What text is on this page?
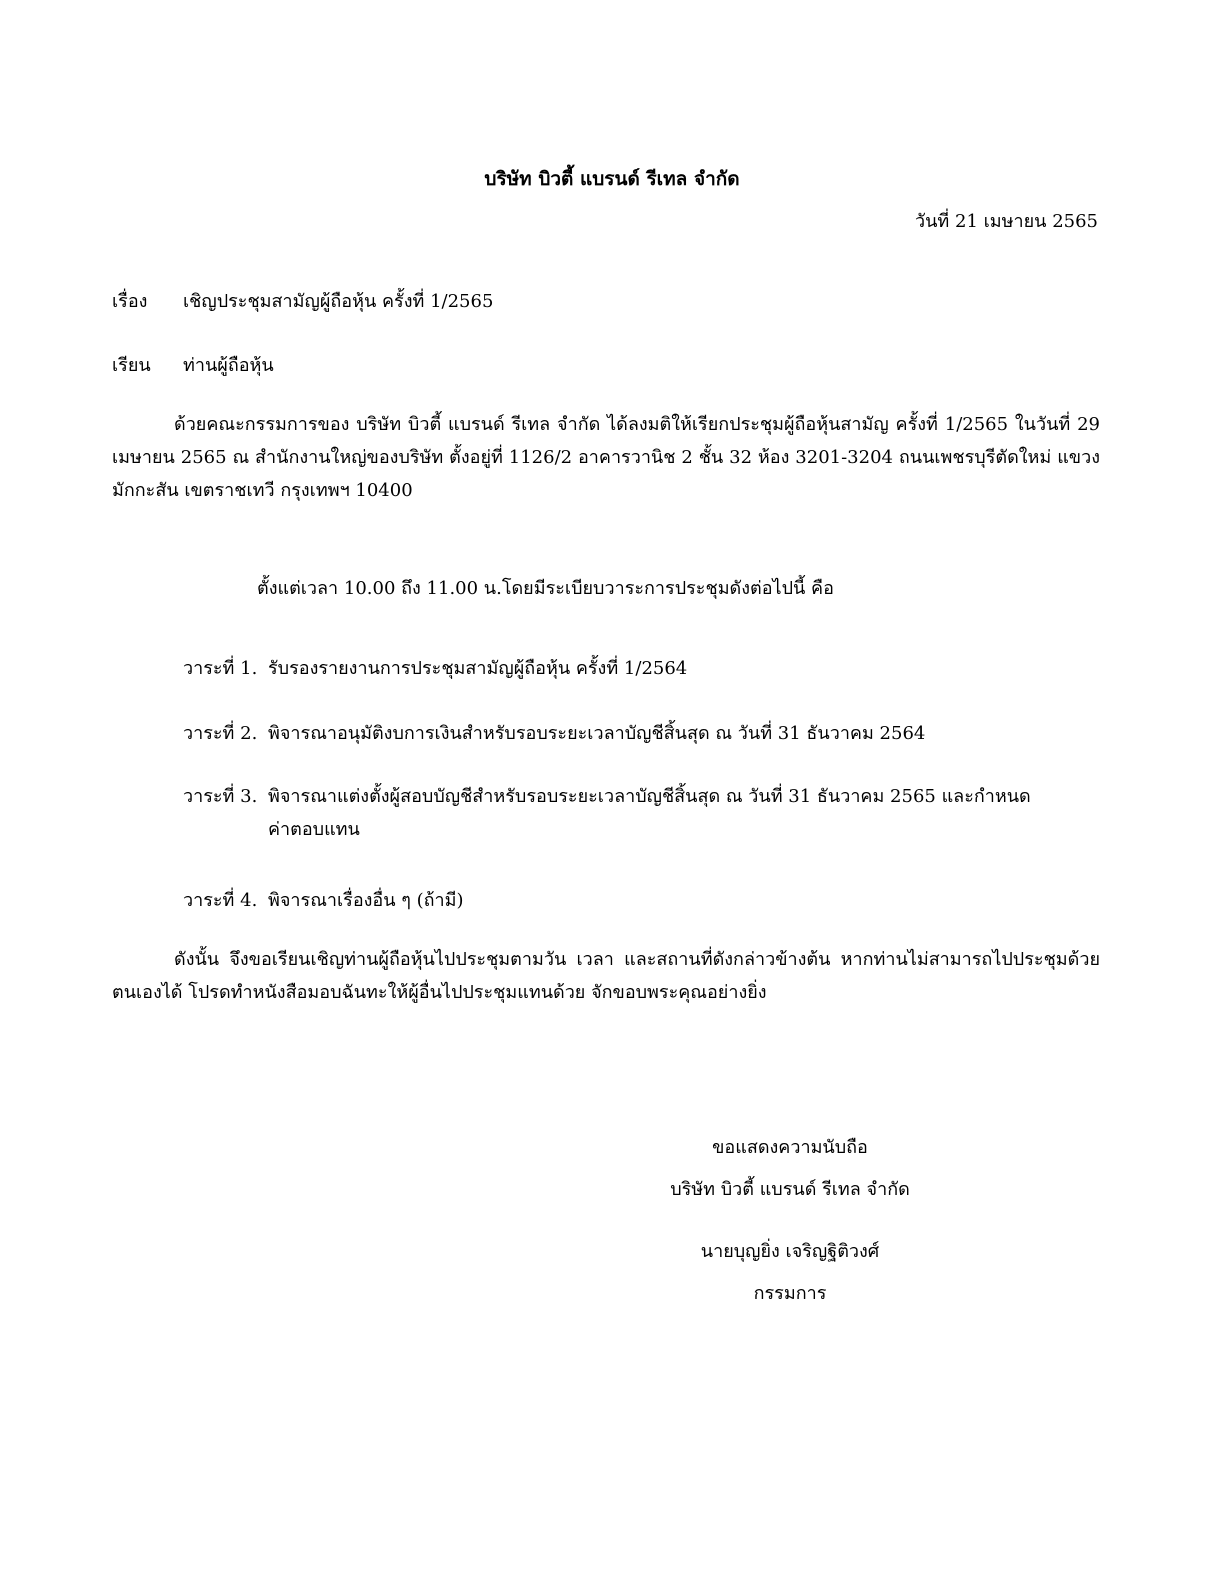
บริษัท บิวตี้ แบรนด์ รีเทล จำกัด
วันที่ 21 เมษายน 2565
เรื่อง เชิญประชุมสามัญผู้ถือหุ้น ครั้งที่ 1/2565
เรียน ท่านผู้ถือหุ้น
ด้วยคณะกรรมการของ บริษัท บิวตี้ แบรนด์ รีเทล จำกัด ได้ลงมติให้เรียกประชุมผู้ถือหุ้นสามัญ ครั้งที่ 1/2565 ในวันที่ 29 เมษายน 2565 ณ สำนักงานใหญ่ของบริษัท ตั้งอยู่ที่ 1126/2 อาคารวานิช 2 ชั้น 32 ห้อง 3201-3204 ถนนเพชรบุรีตัดใหม่ แขวงมักกะสัน เขตราชเทวี กรุงเทพฯ 10400
ตั้งแต่เวลา 10.00 ถึง 11.00 น.โดยมีระเบียบวาระการประชุมดังต่อไปนี้ คือ
วาระที่ 1. รับรองรายงานการประชุมสามัญผู้ถือหุ้น ครั้งที่ 1/2564
วาระที่ 2. พิจารณาอนุมัติงบการเงินสำหรับรอบระยะเวลาบัญชีสิ้นสุด ณ วันที่ 31 ธันวาคม 2564
วาระที่ 3. พิจารณาแต่งตั้งผู้สอบบัญชีสำหรับรอบระยะเวลาบัญชีสิ้นสุด ณ วันที่ 31 ธันวาคม 2565 และกำหนด
ค่าตอบแทน
วาระที่ 4. พิจารณาเรื่องอื่น ๆ (ถ้ามี)
ดังนั้น จึงขอเรียนเชิญท่านผู้ถือหุ้นไปประชุมตามวัน เวลา และสถานที่ดังกล่าวข้างต้น หากท่านไม่สามารถไปประชุมด้วยตนเองได้ โปรดทำหนังสือมอบฉันทะให้ผู้อื่นไปประชุมแทนด้วย จักขอบพระคุณอย่างยิ่ง
ขอแสดงความนับถือ
บริษัท บิวตี้ แบรนด์ รีเทล จำกัด
นายบุญยิ่ง เจริญฐิติวงศ์
กรรมการ
